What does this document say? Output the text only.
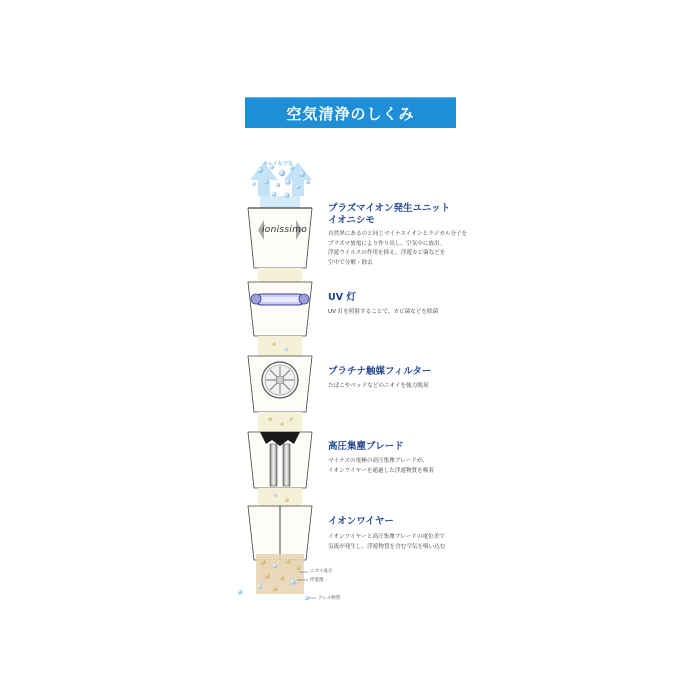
空気清浄のしくみ
キレイな空気
ionissimo
プラズマイオン発生ユニット
イオニシモ
自然界にあるのと同じマイナスイオンとラジカル分子を
プラズマ放電により作り出し、空気中に放出。
浮遊ウイルスの作用を抑え、浮遊カビ菌などを
空中で分解・除去
UV 灯
UV 灯を照射することで、カビ菌などを除菌
プラチナ触媒フィルター
たばこやペッドなどのニオイを強力脱臭
高圧集塵ブレード
マイナスの電極の高圧集塵ブレードが、
イオンワイヤーを通過した浮遊物質を吸着
イオンワイヤー
イオンワイヤーと高圧集塵ブレードの電位差で
気流が発生し、浮遊物質を含む空気を吸い込む
ニオイ成分
浮遊菌
アレル物質
